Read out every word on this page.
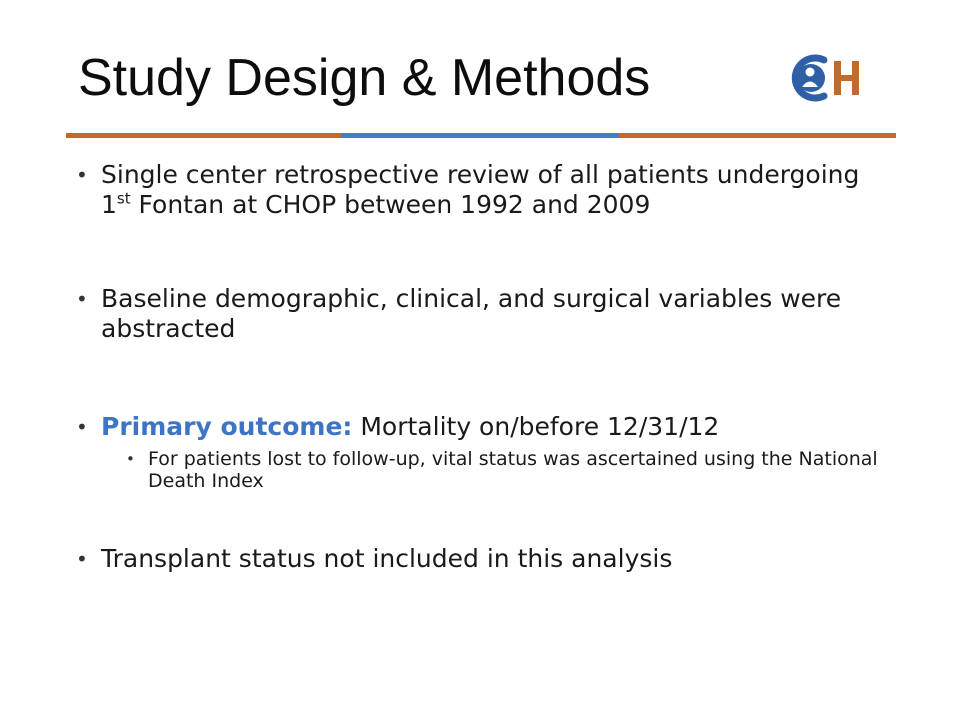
Study Design & Methods
• Single center retrospective review of all patients undergoing 1st Fontan at CHOP between 1992 and 2009
• Baseline demographic, clinical, and surgical variables were abstracted
• Primary outcome: Mortality on/before 12/31/12
• For patients lost to follow-up, vital status was ascertained using the National Death Index
• Transplant status not included in this analysis
